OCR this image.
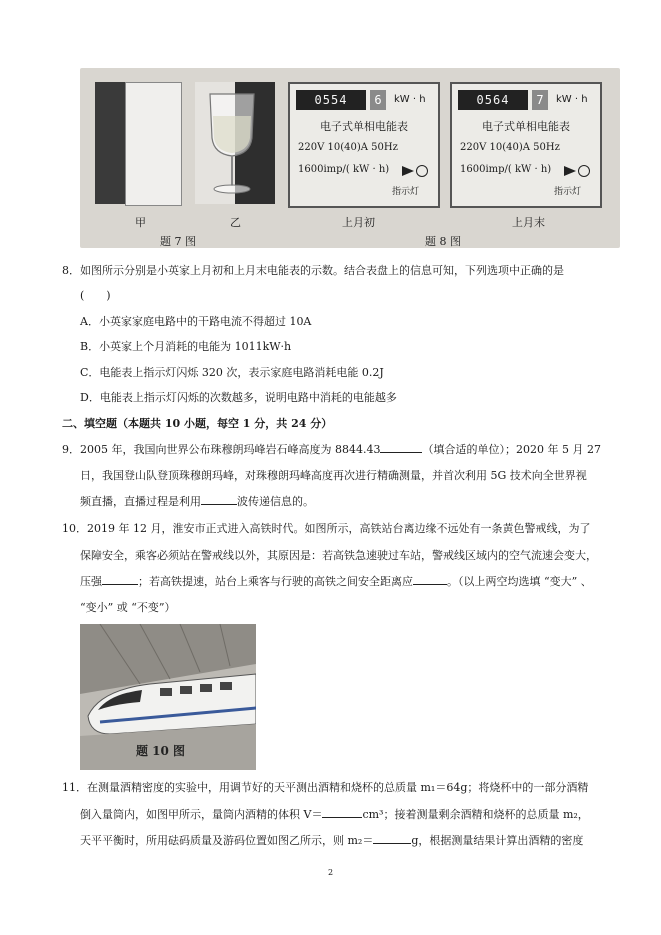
甲	乙
题 7 图
0554	6	kW · h
电子式单相电能表
220V 10(40)A 50Hz
1600imp/( kW · h)
指示灯
0564	7	kW · h
电子式单相电能表
220V 10(40)A 50Hz
1600imp/( kW · h)
指示灯
上月初	上月末
题 8 图
8．如图所示分别是小英家上月初和上月末电能表的示数。结合表盘上的信息可知，下列选项中正确的是
(　　)
A．小英家家庭电路中的干路电流不得超过 10A
B．小英家上个月消耗的电能为 1011kW·h
C．电能表上指示灯闪烁 320 次，表示家庭电路消耗电能 0.2J
D．电能表上指示灯闪烁的次数越多，说明电路中消耗的电能越多
二、填空题（本题共 10 小题，每空 1 分，共 24 分）
9．2005 年，我国向世界公布珠穆朗玛峰岩石峰高度为 8844.43	（填合适的单位）；2020 年 5 月 27
日，我国登山队登顶珠穆朗玛峰，对珠穆朗玛峰高度再次进行精确测量，并首次利用 5G 技术向全世界视
频直播，直播过程是利用	波传递信息的。
10．2019 年 12 月，淮安市正式进入高铁时代。如图所示，高铁站台离边缘不远处有一条黄色警戒线，为了
保障安全，乘客必须站在警戒线以外，其原因是：若高铁急速驶过车站，警戒线区域内的空气流速会变大，
压强	；若高铁提速，站台上乘客与行驶的高铁之间安全距离应	。（以上两空均选填 “变大” 、
“变小” 或 “不变”）
题 10 图
11．在测量酒精密度的实验中，用调节好的天平测出酒精和烧杯的总质量 m₁＝64g；将烧杯中的一部分酒精
倒入量筒内，如图甲所示，量筒内酒精的体积 V＝	cm³；接着测量剩余酒精和烧杯的总质量 m₂，
天平平衡时，所用砝码质量及游码位置如图乙所示，则 m₂＝	g，根据测量结果计算出酒精的密度
2
